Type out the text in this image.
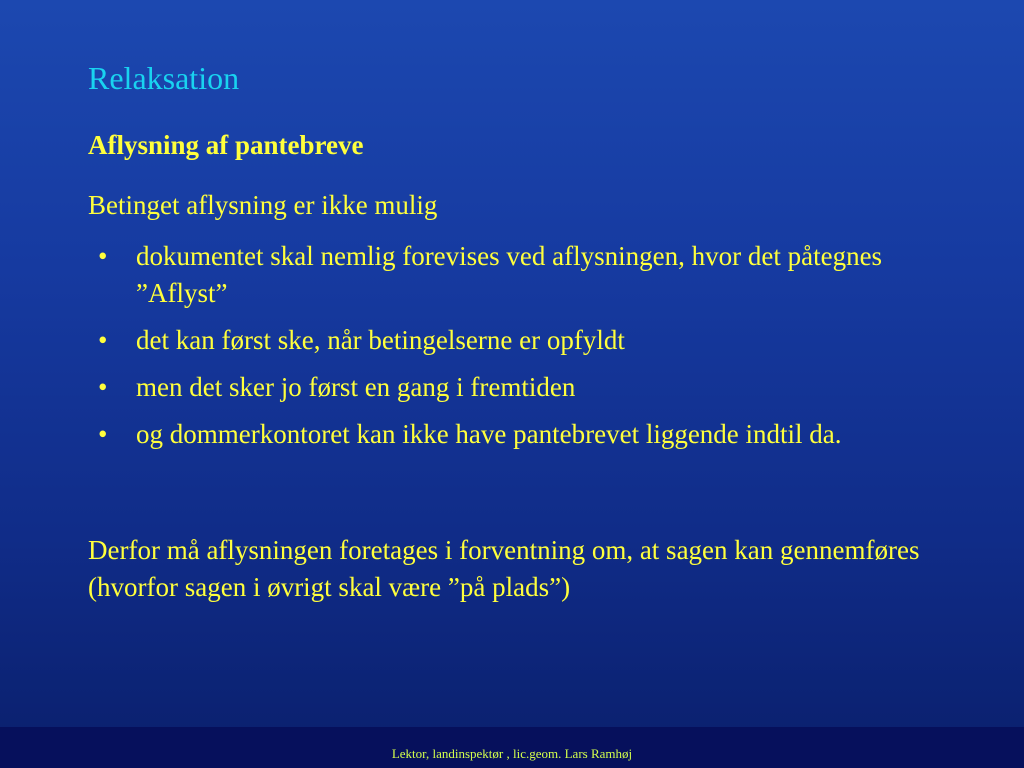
Relaksation
Aflysning af pantebreve
Betinget aflysning er ikke mulig
• dokumentet skal nemlig forevises ved aflysningen, hvor det påtegnes ”Aflyst”
• det kan først ske, når betingelserne er opfyldt
• men det sker jo først en gang i fremtiden
• og dommerkontoret kan ikke have pantebrevet liggende indtil da.
Derfor må aflysningen foretages i forventning om, at sagen kan gennemføres (hvorfor sagen i øvrigt skal være ”på plads”)
Lektor, landinspektør , lic.geom. Lars Ramhøj
